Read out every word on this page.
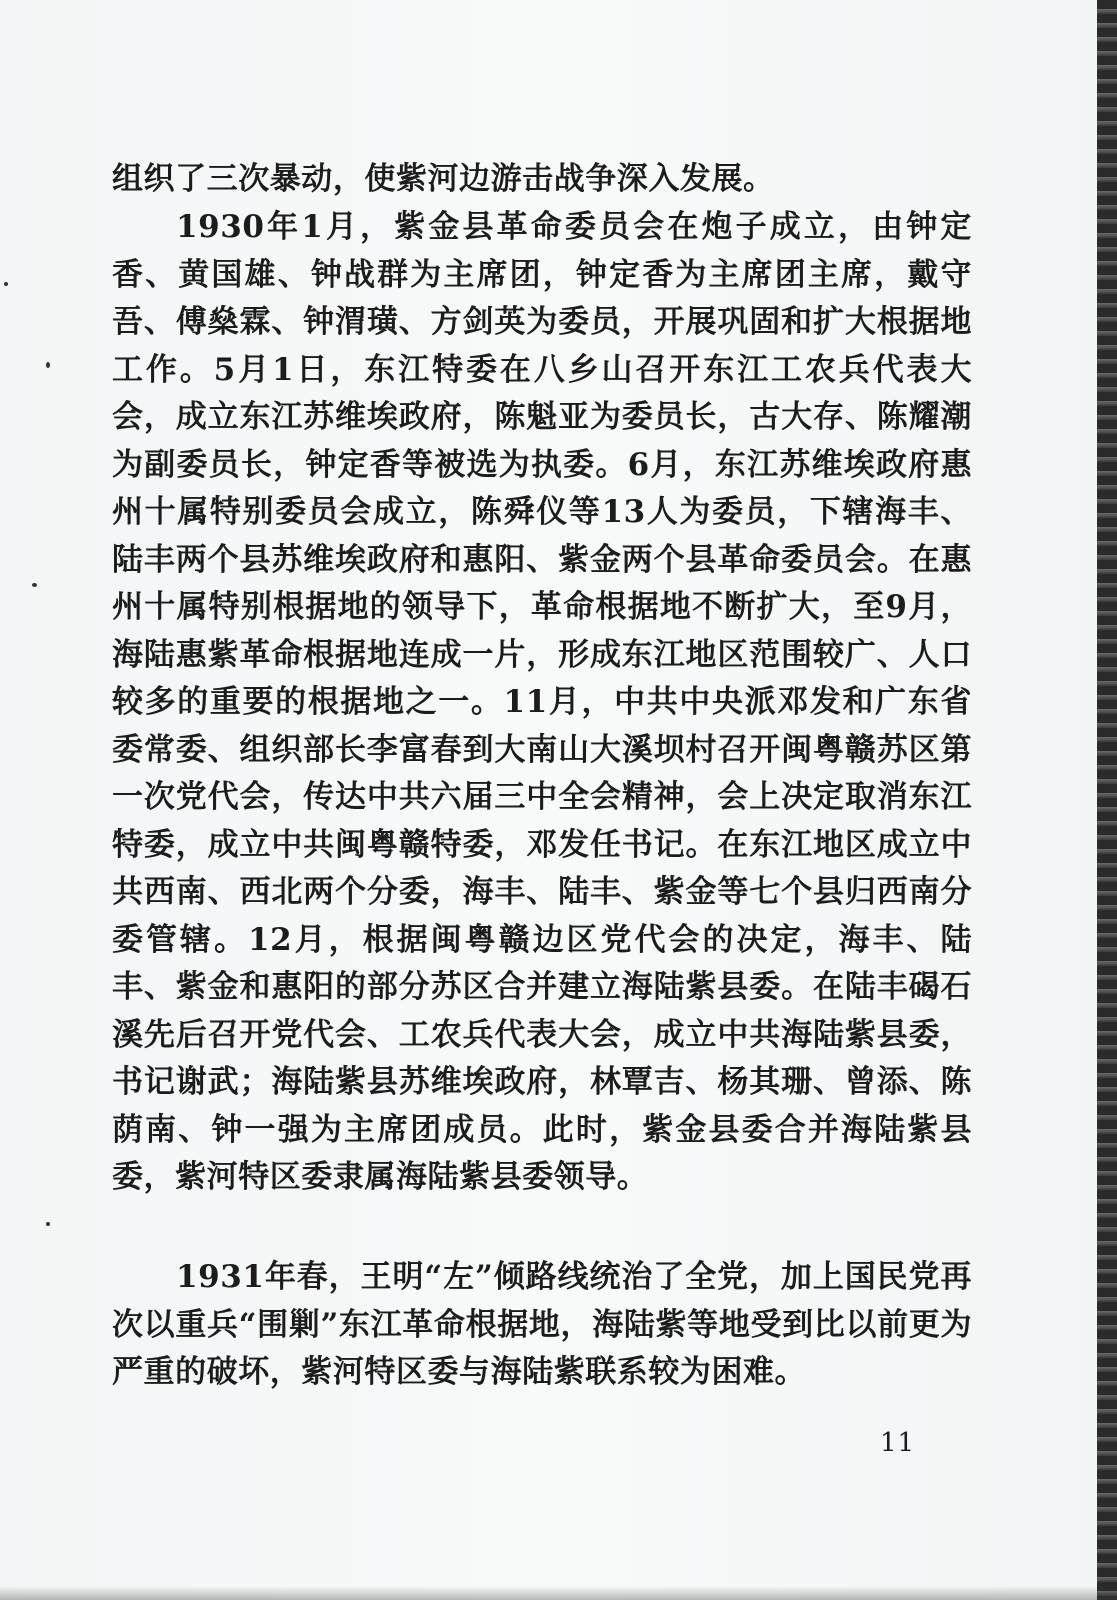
组织了三次暴动，使紫河边游击战争深入发展。

1930年1月，紫金县革命委员会在炮子成立，由钟定香、黄国雄、钟战群为主席团，钟定香为主席团主席，戴守吾、傅燊霖、钟渭璜、方剑英为委员，开展巩固和扩大根据地工作。5月1日，东江特委在八乡山召开东江工农兵代表大会，成立东江苏维埃政府，陈魁亚为委员长，古大存、陈耀潮为副委员长，钟定香等被选为执委。6月，东江苏维埃政府惠州十属特别委员会成立，陈舜仪等13人为委员，下辖海丰、陆丰两个县苏维埃政府和惠阳、紫金两个县革命委员会。在惠州十属特别根据地的领导下，革命根据地不断扩大，至9月，海陆惠紫革命根据地连成一片，形成东江地区范围较广、人口较多的重要的根据地之一。11月，中共中央派邓发和广东省委常委、组织部长李富春到大南山大溪坝村召开闽粤赣苏区第一次党代会，传达中共六届三中全会精神，会上决定取消东江特委，成立中共闽粤赣特委，邓发任书记。在东江地区成立中共西南、西北两个分委，海丰、陆丰、紫金等七个县归西南分委管辖。12月，根据闽粤赣边区党代会的决定，海丰、陆丰、紫金和惠阳的部分苏区合并建立海陆紫县委。在陆丰碣石溪先后召开党代会、工农兵代表大会，成立中共海陆紫县委，书记谢武；海陆紫县苏维埃政府，林覃吉、杨其珊、曾添、陈荫南、钟一强为主席团成员。此时，紫金县委合并海陆紫县委，紫河特区委隶属海陆紫县委领导。

1931年春，王明“左”倾路线统治了全党，加上国民党再次以重兵“围剿”东江革命根据地，海陆紫等地受到比以前更为严重的破坏，紫河特区委与海陆紫联系较为困难。

11
